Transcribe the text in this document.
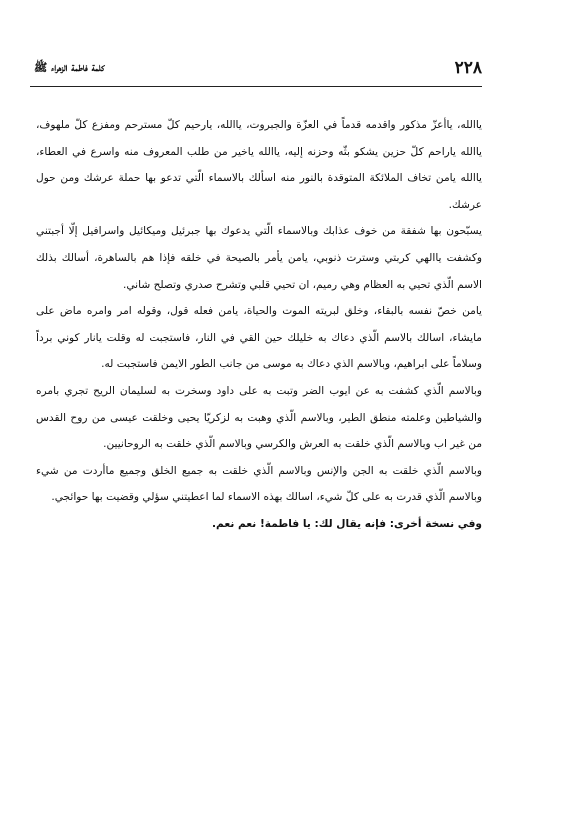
٢٢٨
كلمة فاطمة الزهراء ﷺ

ياالله، ياأعزّ مذكور واقدمه قدماً في العزّة والجبروت، ياالله، يارحيم كلّ مسترحم ومفزع كلّ ملهوف، ياالله ياراحم كلّ حزين يشكو بثّه وحزنه إليه، ياالله ياخير من طلب المعروف منه واسرع في العطاء، ياالله يامن تخاف الملائكة المتوقدة بالنور منه اسألك بالاسماء الّتي تدعو بها حملة عرشك ومن حول عرشك.

يسبّحون بها شفقة من خوف عذابك وبالاسماء الّتي يدعوك بها جبرئيل وميكائيل واسرافيل إلّا أجبتني وكشفت ياالهي كربتي وسترت ذنوبي، يامن يأمر بالصيحة في خلقه فإذا هم بالساهرة، أسالك بذلك الاسم الّذي تحيي به العظام وهي رميم، ان تحيي قلبي وتشرح صدري وتصلح شاني.

يامن خصّ نفسه بالبقاء، وخلق لبريته الموت والحياة، يامن فعله قول، وقوله امر وامره ماض على مايشاء، اسالك بالاسم الّذي دعاك به خليلك حين القي في النار، فاستجبت له وقلت يانار كوني برداً وسلاماً على ابراهيم، وبالاسم الذي دعاك به موسى من جانب الطور الايمن فاستجبت له.

وبالاسم الّذي كشفت به عن ايوب الضر وتبت به على داود وسخرت به لسليمان الريح تجري بامره والشياطين وعلمته منطق الطير، وبالاسم الّذي وهبت به لزكريّا يحيى وخلقت عيسى من روح القدس من غير اب وبالاسم الّذي خلقت به العرش والكرسي وبالاسم الّذي خلقت به الروحانيين.

وبالاسم الّذي خلقت به الجن والإنس وبالاسم الّذي خلقت به جميع الخلق وجميع ماأردت من شيء وبالاسم الّذي قدرت به على كلّ شيء، اسالك بهذه الاسماء لما اعطيتني سؤلي وقضيت بها حوائجي.

وفي نسخة أخرى: فإنه يقال لك: يا فاطمة! نعم نعم.
